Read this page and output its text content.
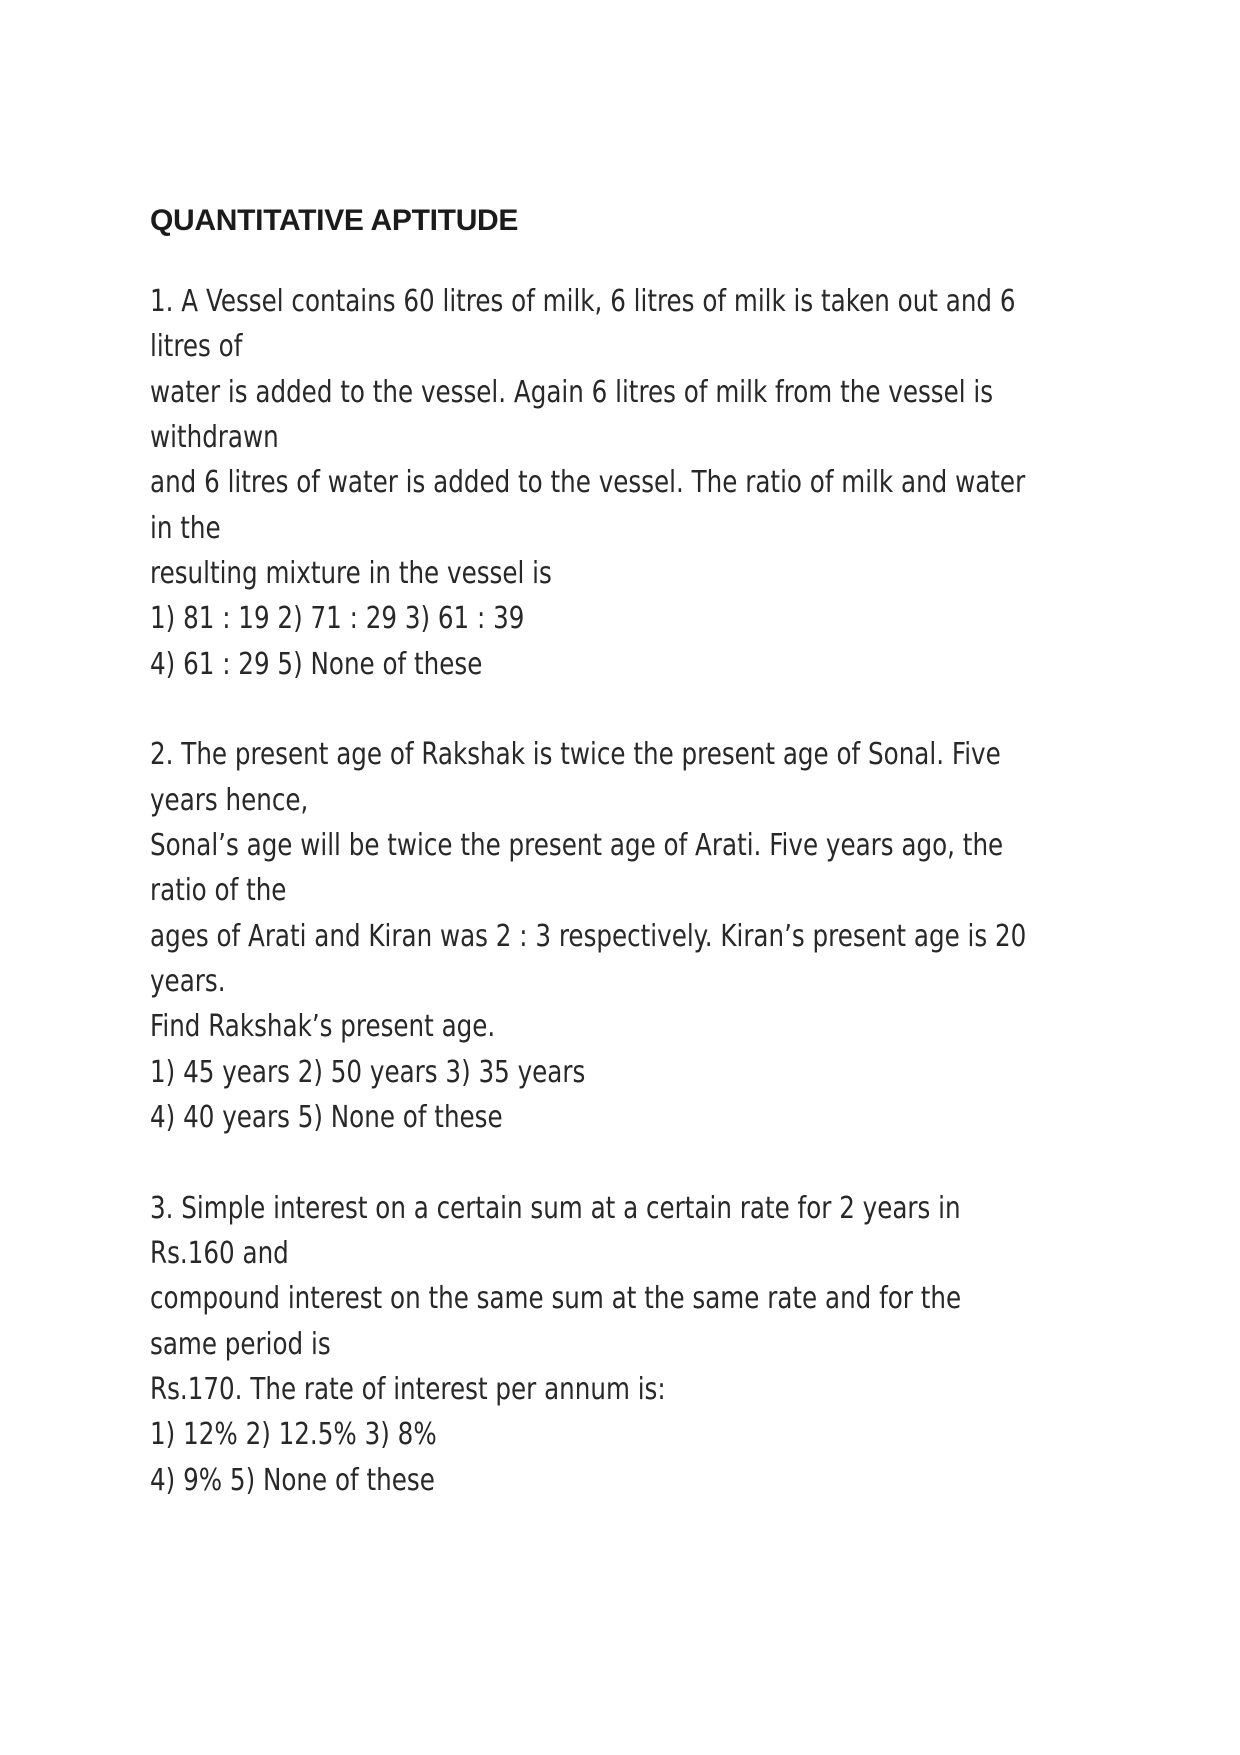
QUANTITATIVE APTITUDE
1. A Vessel contains 60 litres of milk, 6 litres of milk is taken out and 6
litres of
water is added to the vessel. Again 6 litres of milk from the vessel is
withdrawn
and 6 litres of water is added to the vessel. The ratio of milk and water
in the
resulting mixture in the vessel is
1) 81 : 19 2) 71 : 29 3) 61 : 39
4) 61 : 29 5) None of these
2. The present age of Rakshak is twice the present age of Sonal. Five
years hence,
Sonal’s age will be twice the present age of Arati. Five years ago, the
ratio of the
ages of Arati and Kiran was 2 : 3 respectively. Kiran’s present age is 20
years.
Find Rakshak’s present age.
1) 45 years 2) 50 years 3) 35 years
4) 40 years 5) None of these
3. Simple interest on a certain sum at a certain rate for 2 years in
Rs.160 and
compound interest on the same sum at the same rate and for the
same period is
Rs.170. The rate of interest per annum is:
1) 12% 2) 12.5% 3) 8%
4) 9% 5) None of these
